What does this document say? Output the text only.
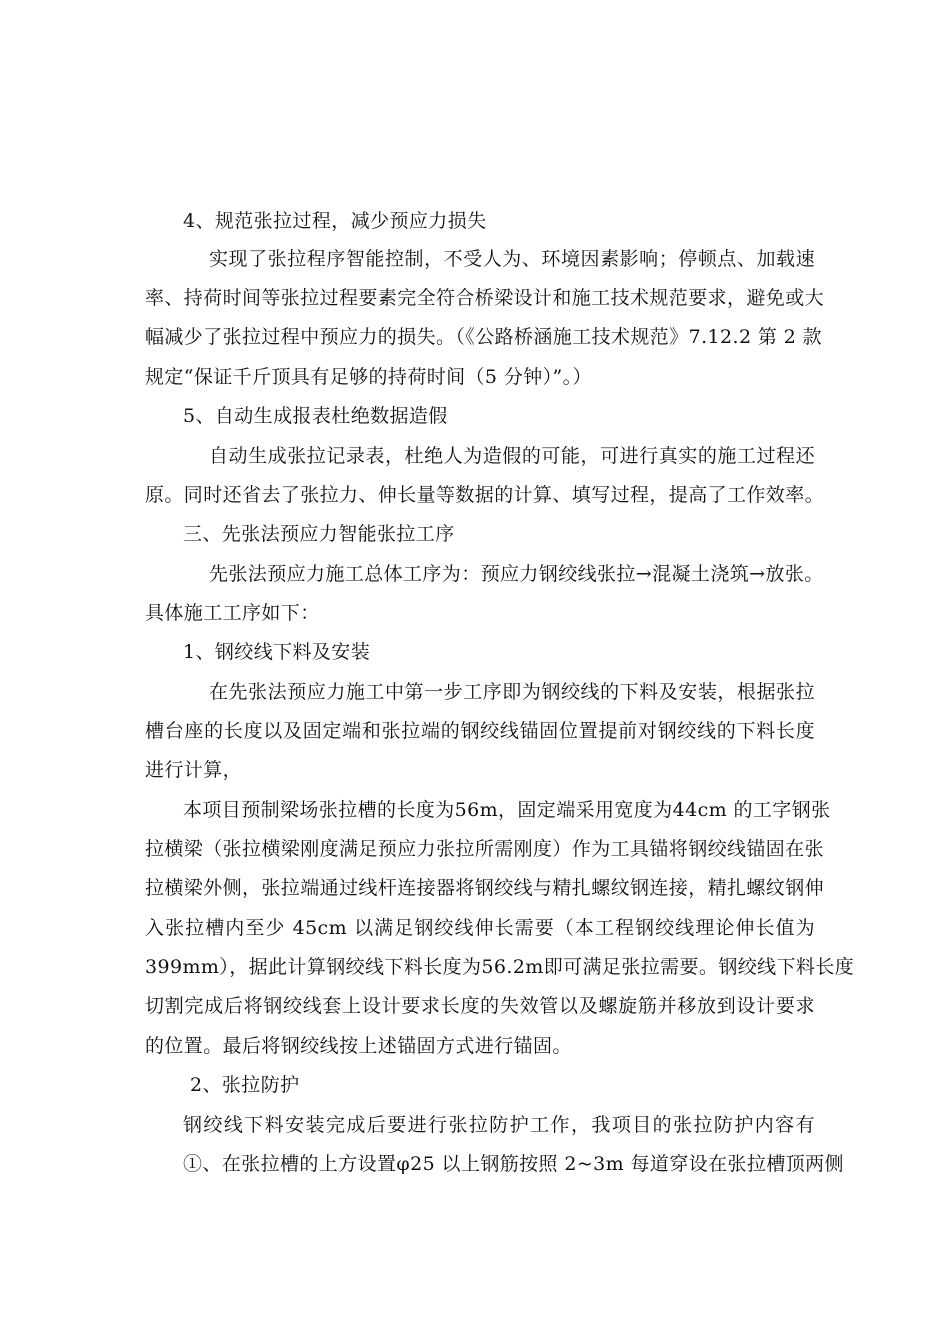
4、规范张拉过程，减少预应力损失
实现了张拉程序智能控制，不受人为、环境因素影响；停顿点、加载速
率、持荷时间等张拉过程要素完全符合桥梁设计和施工技术规范要求，避免或大
幅减少了张拉过程中预应力的损失。（《公路桥涵施工技术规范》7.12.2 第 2 款
规定“保证千斤顶具有足够的持荷时间（5 分钟）”。）
5、自动生成报表杜绝数据造假
自动生成张拉记录表，杜绝人为造假的可能，可进行真实的施工过程还
原。同时还省去了张拉力、伸长量等数据的计算、填写过程，提高了工作效率。
三、先张法预应力智能张拉工序
先张法预应力施工总体工序为：预应力钢绞线张拉→混凝土浇筑→放张。
具体施工工序如下：
1、钢绞线下料及安装
在先张法预应力施工中第一步工序即为钢绞线的下料及安装，根据张拉
槽台座的长度以及固定端和张拉端的钢绞线锚固位置提前对钢绞线的下料长度
进行计算，
本项目预制梁场张拉槽的长度为56m，固定端采用宽度为44cm 的工字钢张
拉横梁（张拉横梁刚度满足预应力张拉所需刚度）作为工具锚将钢绞线锚固在张
拉横梁外侧，张拉端通过线杆连接器将钢绞线与精扎螺纹钢连接，精扎螺纹钢伸
入张拉槽内至少 45cm 以满足钢绞线伸长需要（本工程钢绞线理论伸长值为
399mm），据此计算钢绞线下料长度为56.2m即可满足张拉需要。钢绞线下料长度
切割完成后将钢绞线套上设计要求长度的失效管以及螺旋筋并移放到设计要求
的位置。最后将钢绞线按上述锚固方式进行锚固。
2、张拉防护
钢绞线下料安装完成后要进行张拉防护工作，我项目的张拉防护内容有
①、在张拉槽的上方设置φ25 以上钢筋按照 2~3m 每道穿设在张拉槽顶两侧
